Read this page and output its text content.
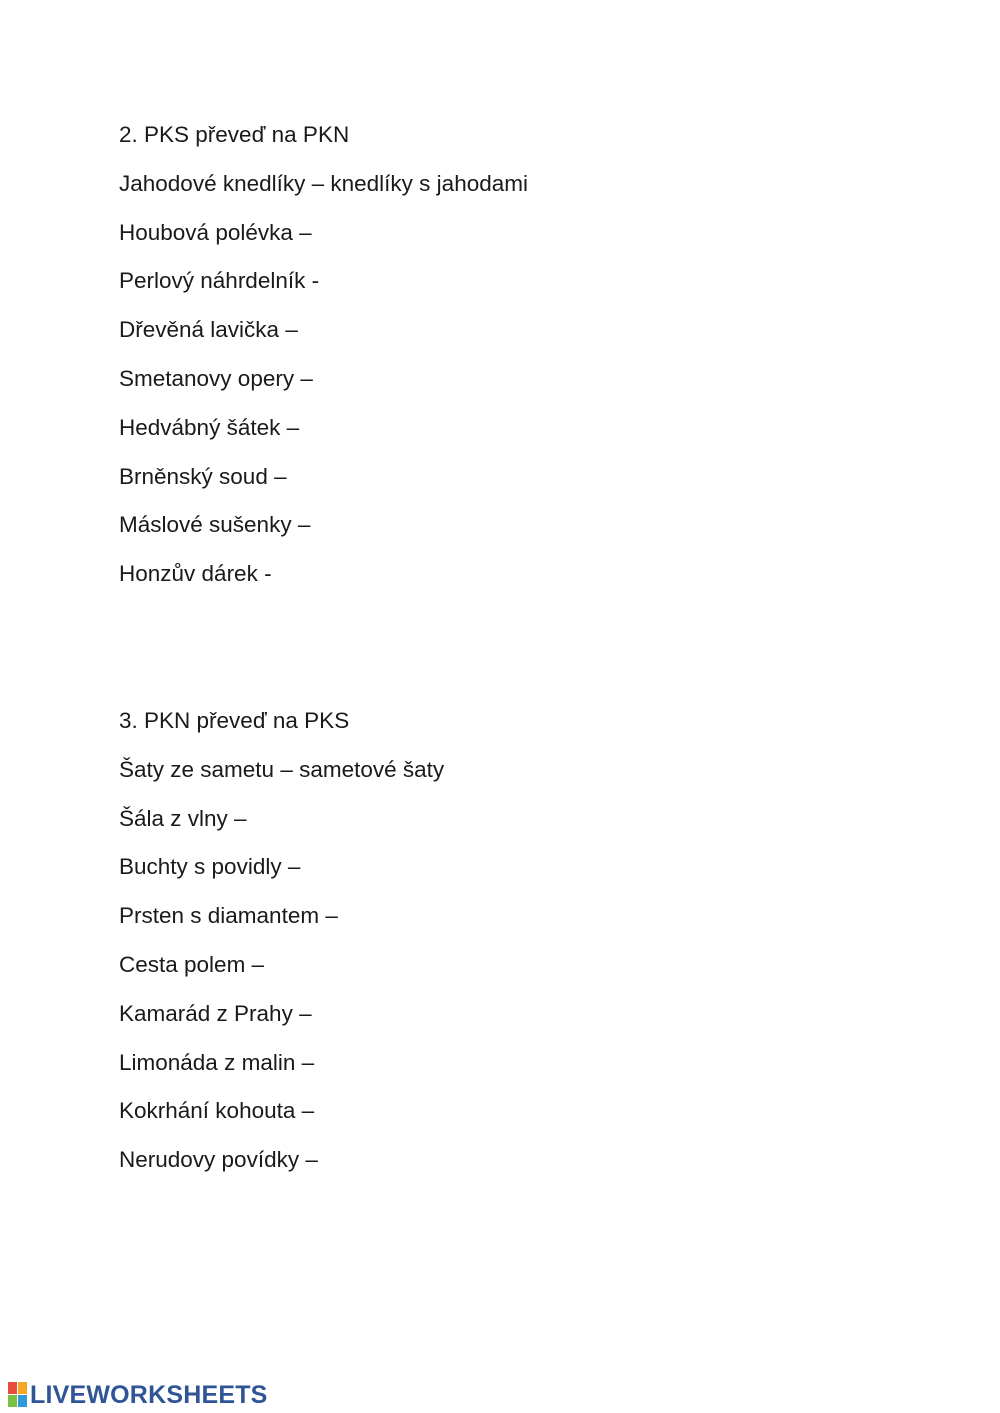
2. PKS převeď na PKN
Jahodové knedlíky – knedlíky s jahodami
Houbová polévka –
Perlový náhrdelník -
Dřevěná lavička –
Smetanovy opery –
Hedvábný šátek –
Brněnský soud –
Máslové sušenky –
Honzův dárek -
3. PKN převeď na PKS
Šaty ze sametu – sametové šaty
Šála z vlny –
Buchty s povidly –
Prsten s diamantem –
Cesta polem –
Kamarád z Prahy –
Limonáda z malin –
Kokrhání kohouta –
Nerudovy povídky –
LIVEWORKSHEETS
